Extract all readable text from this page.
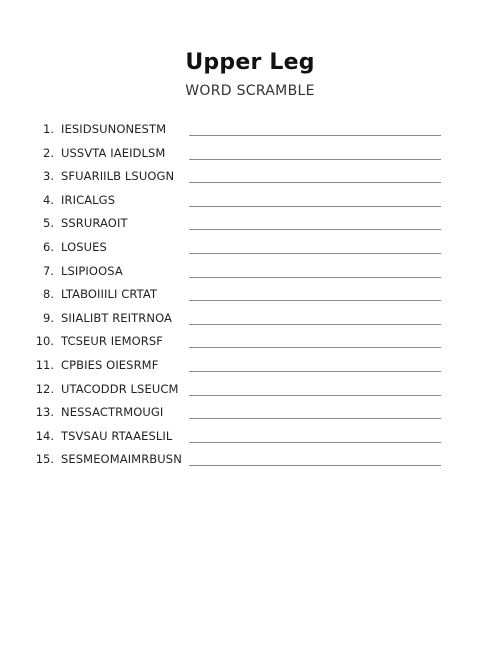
Upper Leg
WORD SCRAMBLE
1. IESIDSUNONESTM
2. USSVTA IAEIDLSM
3. SFUARIILB LSUOGN
4. IRICALGS
5. SSRURAOIT
6. LOSUES
7. LSIPIOOSA
8. LTABOIIILI CRTAT
9. SIIALIBT REITRNOA
10. TCSEUR IEMORSF
11. CPBIES OIESRMF
12. UTACODDR LSEUCM
13. NESSACTRMOUGI
14. TSVSAU RTAAESLIL
15. SESMEOMAIMRBUSN
